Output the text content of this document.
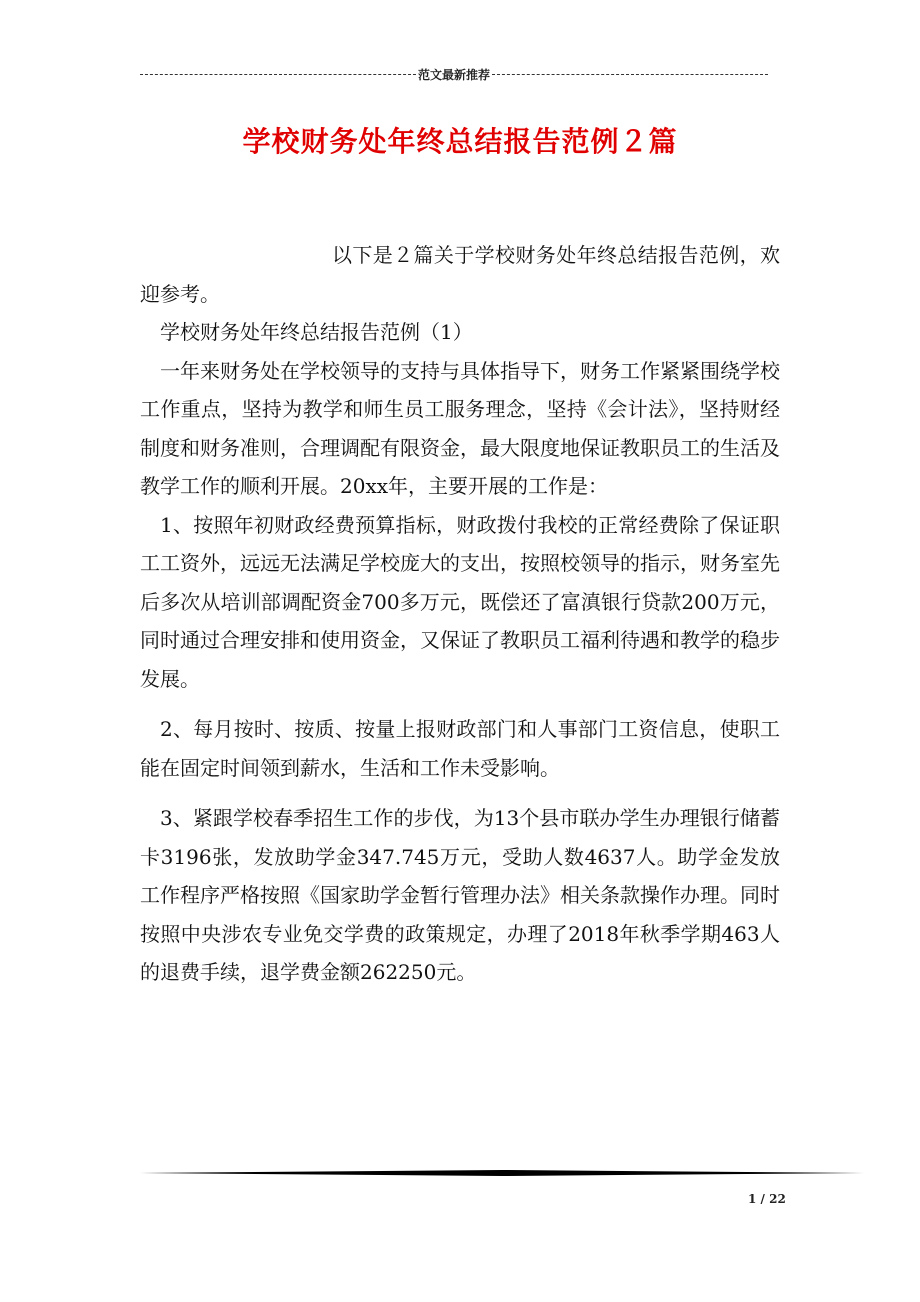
范文最新推荐
学校财务处年终总结报告范例２篇

以下是２篇关于学校财务处年终总结报告范例，欢迎参考。

学校财务处年终总结报告范例（1）

一年来财务处在学校领导的支持与具体指导下，财务工作紧紧围绕学校工作重点，坚持为教学和师生员工服务理念，坚持《会计法》，坚持财经制度和财务准则，合理调配有限资金，最大限度地保证教职员工的生活及教学工作的顺利开展。20xx年，主要开展的工作是：

1、按照年初财政经费预算指标，财政拨付我校的正常经费除了保证职工工资外，远远无法满足学校庞大的支出，按照校领导的指示，财务室先后多次从培训部调配资金700多万元，既偿还了富滇银行贷款200万元，同时通过合理安排和使用资金，又保证了教职员工福利待遇和教学的稳步发展。

2、每月按时、按质、按量上报财政部门和人事部门工资信息，使职工能在固定时间领到薪水，生活和工作未受影响。

3、紧跟学校春季招生工作的步伐，为13个县市联办学生办理银行储蓄卡3196张，发放助学金347.745万元，受助人数4637人。助学金发放工作程序严格按照《国家助学金暂行管理办法》相关条款操作办理。同时按照中央涉农专业免交学费的政策规定，办理了2018年秋季学期463人的退费手续，退学费金额262250元。

1 / 22
